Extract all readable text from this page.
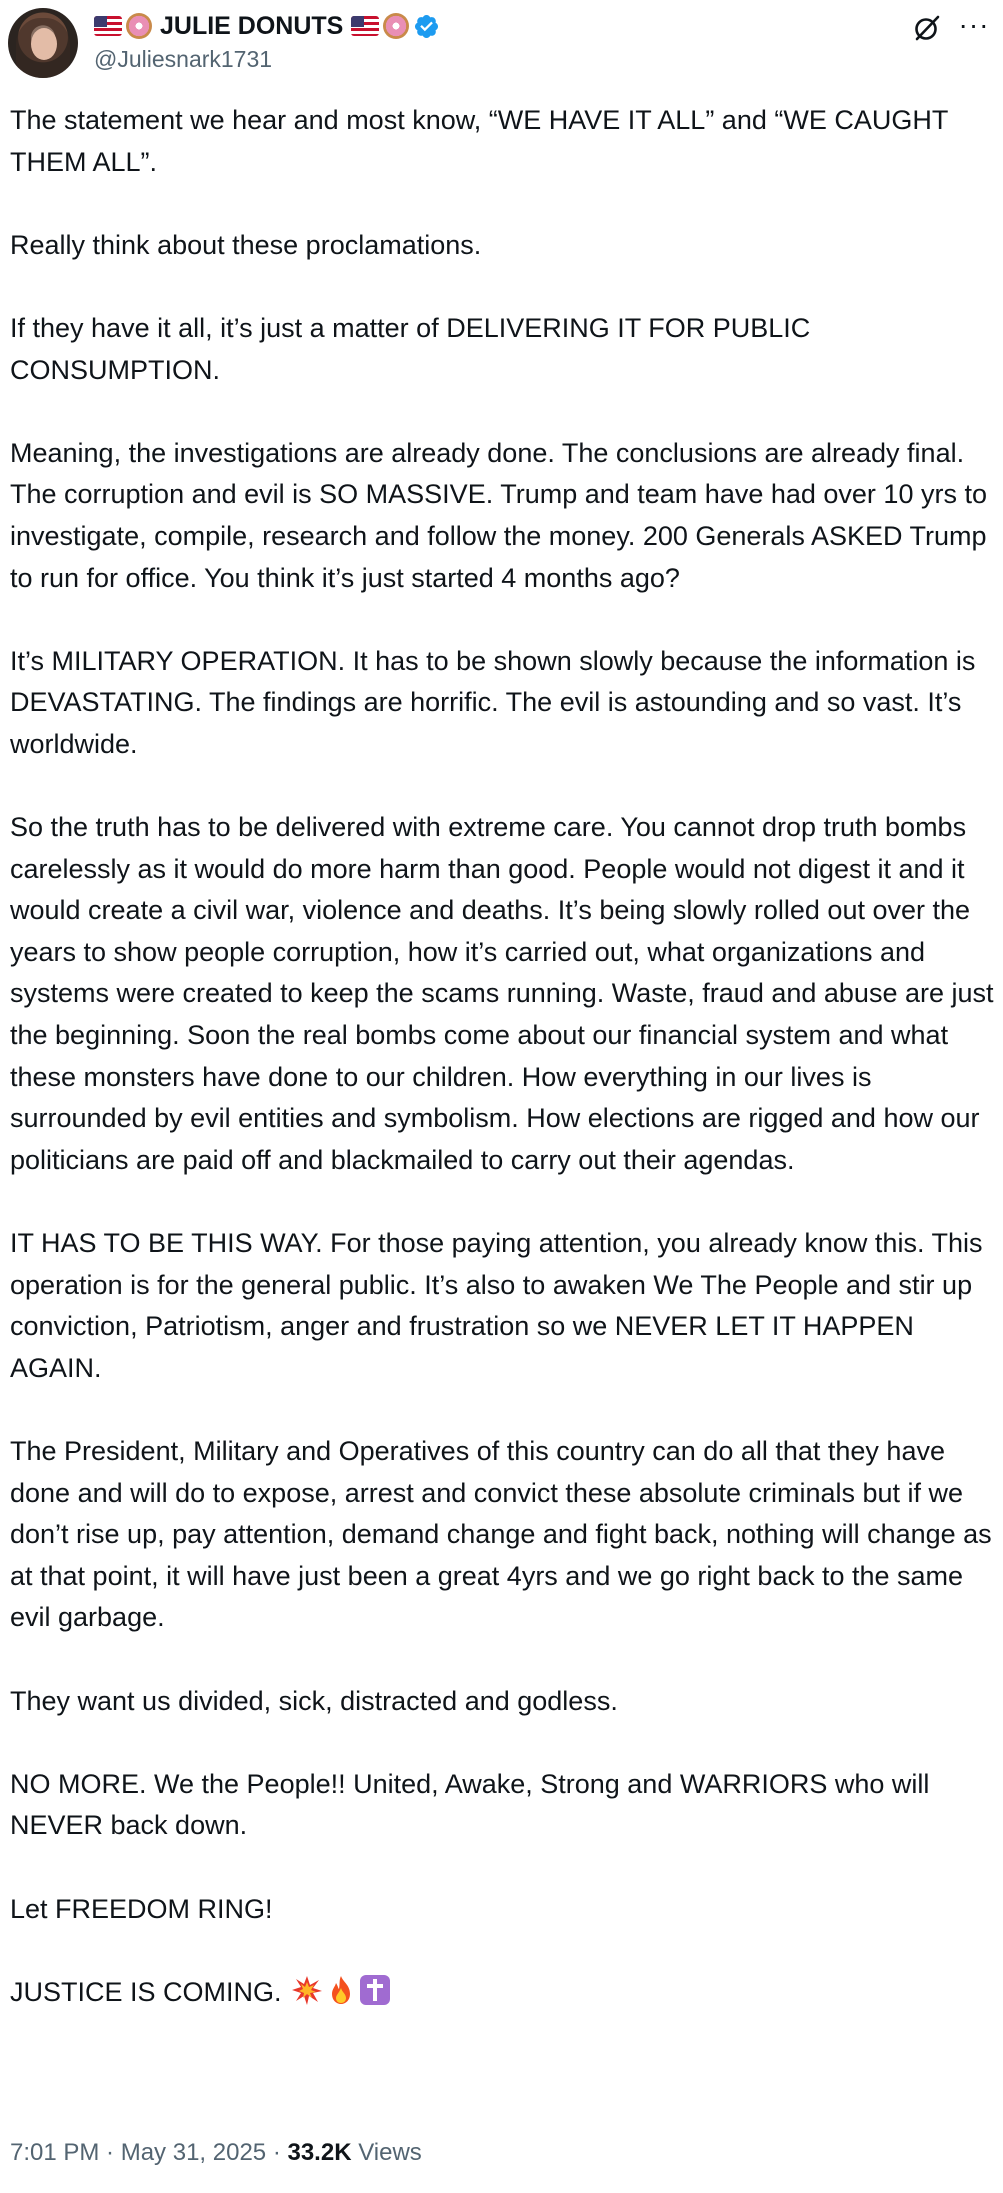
JULIE DONUTS
@Juliesnark1731
···

The statement we hear and most know, “WE HAVE IT ALL” and “WE CAUGHT THEM ALL”.

Really think about these proclamations.

If they have it all, it’s just a matter of DELIVERING IT FOR PUBLIC CONSUMPTION.

Meaning, the investigations are already done. The conclusions are already final. The corruption and evil is SO MASSIVE. Trump and team have had over 10 yrs to investigate, compile, research and follow the money. 200 Generals ASKED Trump to run for office. You think it’s just started 4 months ago?

It’s MILITARY OPERATION. It has to be shown slowly because the information is DEVASTATING. The findings are horrific. The evil is astounding and so vast. It’s worldwide.

So the truth has to be delivered with extreme care. You cannot drop truth bombs carelessly as it would do more harm than good. People would not digest it and it would create a civil war, violence and deaths. It’s being slowly rolled out over the years to show people corruption, how it’s carried out, what organizations and systems were created to keep the scams running. Waste, fraud and abuse are just the beginning. Soon the real bombs come about our financial system and what these monsters have done to our children. How everything in our lives is surrounded by evil entities and symbolism. How elections are rigged and how our politicians are paid off and blackmailed to carry out their agendas.

IT HAS TO BE THIS WAY. For those paying attention, you already know this. This operation is for the general public. It’s also to awaken We The People and stir up conviction, Patriotism, anger and frustration so we NEVER LET IT HAPPEN AGAIN.

The President, Military and Operatives of this country can do all that they have done and will do to expose, arrest and convict these absolute criminals but if we don’t rise up, pay attention, demand change and fight back, nothing will change as at that point, it will have just been a great 4yrs and we go right back to the same evil garbage.

They want us divided, sick, distracted and godless.

NO MORE. We the People!! United, Awake, Strong and WARRIORS who will NEVER back down.

Let FREEDOM RING!

JUSTICE IS COMING.

7:01 PM · May 31, 2025 · 33.2K Views
